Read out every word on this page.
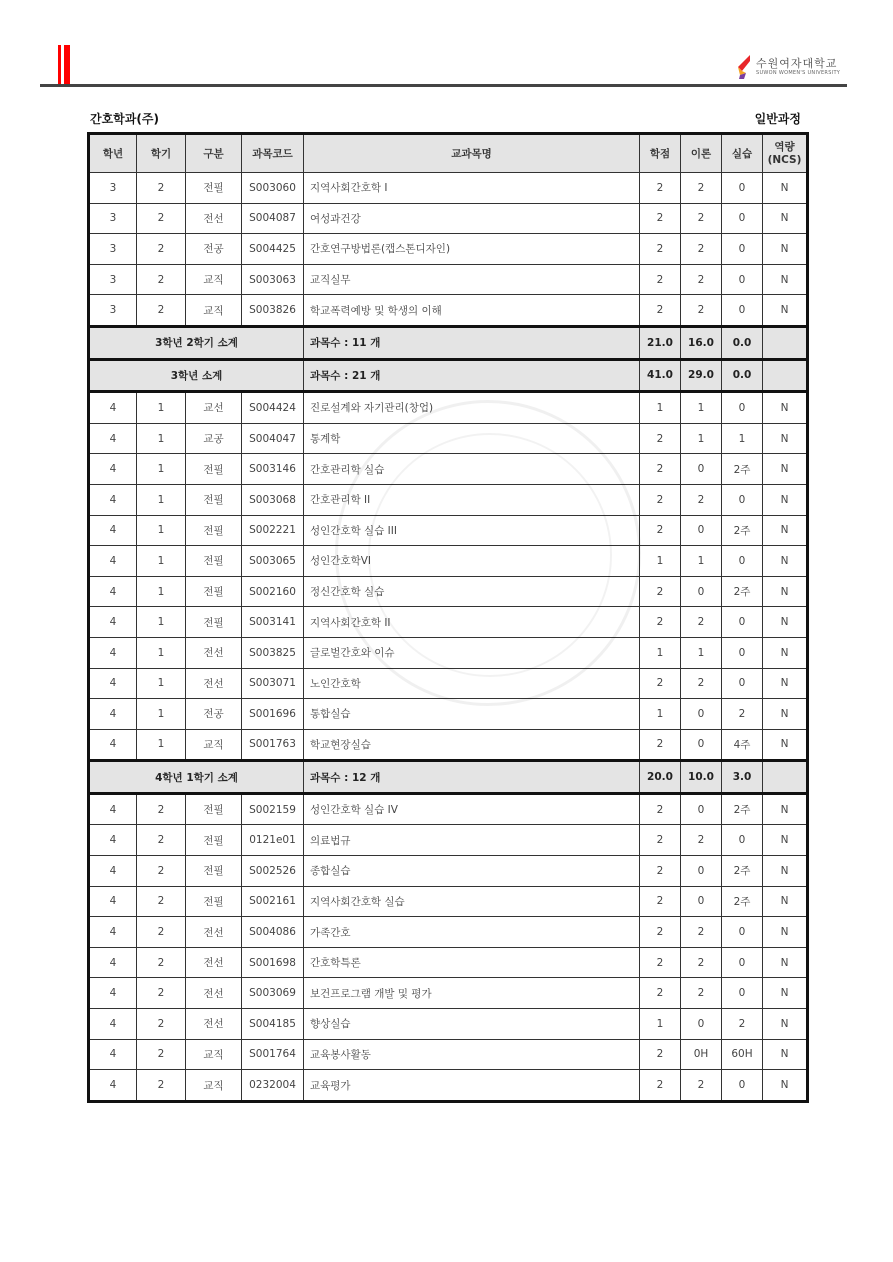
수원여자대학교
SUWON WOMEN'S UNIVERSITY
간호학과(주)	일반과정
학년	학기	구분	과목코드	교과목명	학점	이론	실습	역량
(NCS)

3	2	전필	S003060	지역사회간호학 I	2	2	0	N
3	2	전선	S004087	여성과건강	2	2	0	N
3	2	전공	S004425	간호연구방법론(캡스톤디자인)	2	2	0	N
3	2	교직	S003063	교직실무	2	2	0	N
3	2	교직	S003826	학교폭력예방 및 학생의 이해	2	2	0	N
3학년 2학기 소계				과목수 : 11 개	21.0	16.0	0.0	
3학년 소계				과목수 : 21 개	41.0	29.0	0.0	
4	1	교선	S004424	진로설계와 자기관리(창업)	1	1	0	N
4	1	교공	S004047	통계학	2	1	1	N
4	1	전필	S003146	간호관리학 실습	2	0	2주	N
4	1	전필	S003068	간호관리학 II	2	2	0	N
4	1	전필	S002221	성인간호학 실습 III	2	0	2주	N
4	1	전필	S003065	성인간호학VI	1	1	0	N
4	1	전필	S002160	정신간호학 실습	2	0	2주	N
4	1	전필	S003141	지역사회간호학 II	2	2	0	N
4	1	전선	S003825	글로벌간호와 이슈	1	1	0	N
4	1	전선	S003071	노인간호학	2	2	0	N
4	1	전공	S001696	통합실습	1	0	2	N
4	1	교직	S001763	학교현장실습	2	0	4주	N
4학년 1학기 소계				과목수 : 12 개	20.0	10.0	3.0	
4	2	전필	S002159	성인간호학 실습 IV	2	0	2주	N
4	2	전필	0121e01	의료법규	2	2	0	N
4	2	전필	S002526	종합실습	2	0	2주	N
4	2	전필	S002161	지역사회간호학 실습	2	0	2주	N
4	2	전선	S004086	가족간호	2	2	0	N
4	2	전선	S001698	간호학특론	2	2	0	N
4	2	전선	S003069	보건프로그램 개발 및 평가	2	2	0	N
4	2	전선	S004185	향상실습	1	0	2	N
4	2	교직	S001764	교육봉사활동	2	0H	60H	N
4	2	교직	0232004	교육평가	2	2	0	N
